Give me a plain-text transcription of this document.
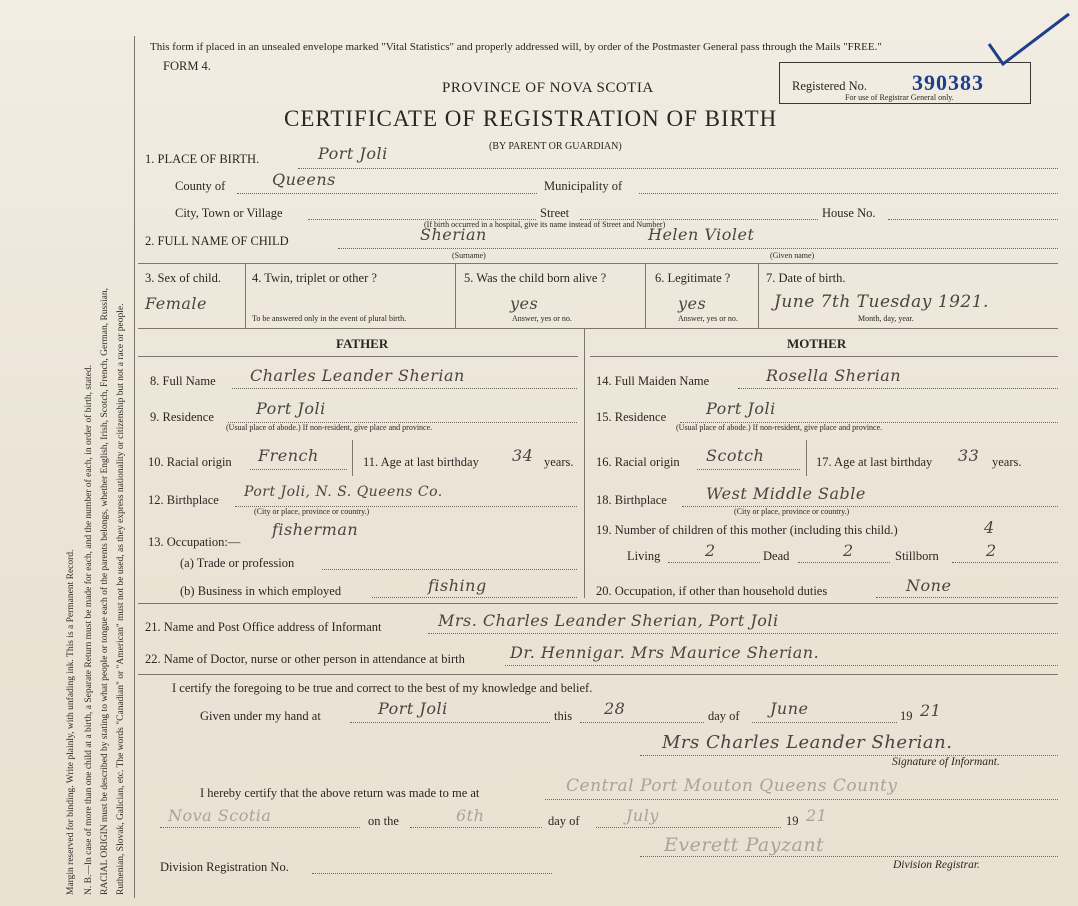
Margin reserved for binding. Write plainly, with unfading ink. This is a Permanent Record. N. B.—In case of more than one child at a birth, a Separate Return must be made for each, and the number of each, in order of birth, stated. RACIAL ORIGIN must be described by stating to what people or tongue each of the parents belongs, whether English, Irish, Scotch, French, German, Russian, Ruthenian, Slovak, Galician, etc. The words "Canadian" or "American" must not be used, as they express nationality or citizenship but not a race or people.
This form if placed in an unsealed envelope marked "Vital Statistics" and properly addressed will, by order of the Postmaster General pass through the Mails "FREE."
FORM 4.
PROVINCE OF NOVA SCOTIA
CERTIFICATE OF REGISTRATION OF BIRTH
(BY PARENT OR GUARDIAN)
Registered No. 390383
For use of Registrar General only.
1. PLACE OF BIRTH.	Port Joli
County of	Queens	Municipality of
City, Town or Village	Street	House No.
(If birth occurred in a hospital, give its name instead of Street and Number)
2. FULL NAME OF CHILD	Sherian	Helen Violet
(Surname)	(Given name)
3. Sex of child.
Female
4. Twin, triplet or other ?
To be answered only in the event of plural birth.
5. Was the child born alive ?
yes
Answer, yes or no.
6. Legitimate ?
yes
Answer, yes or no.
7. Date of birth.
June 7th Tuesday 1921.
Month, day, year.
FATHER	MOTHER
8. Full Name Charles Leander Sherian
9. Residence	Port Joli
(Usual place of abode.) If non-resident, give place and province.
10. Racial origin French	11. Age at last birthday 34 years.
12. Birthplace Port Joli, N. S. Queens Co.
(City or place, province or country.)
13. Occupation:—
fisherman
(a) Trade or profession
(b) Business in which employed	fishing
14. Full Maiden Name	Rosella Sherian
15. Residence Port Joli
(Usual place of abode.) If non-resident, give place and province.
16. Racial origin Scotch	17. Age at last birthday 33 years.
18. Birthplace West Middle Sable
(City or place, province or country.)
19. Number of children of this mother (including this child.)	4
Living	2	Dead	2	Stillborn	2
20. Occupation, if other than household duties	None
21. Name and Post Office address of Informant	Mrs. Charles Leander Sherian, Port Joli
22. Name of Doctor, nurse or other person in attendance at birth	Dr. Hennigar. Mrs Maurice Sherian.
I certify the foregoing to be true and correct to the best of my knowledge and belief.
Given under my hand at	Port Joli	this 28	day of June	19 21
Mrs Charles Leander Sherian.
Signature of Informant.
I hereby certify that the above return was made to me at	Central Port Mouton Queens County
Nova Scotia	on the	6th	day of	July	19 21
Everett Payzant
Division Registration No.	Division Registrar.
